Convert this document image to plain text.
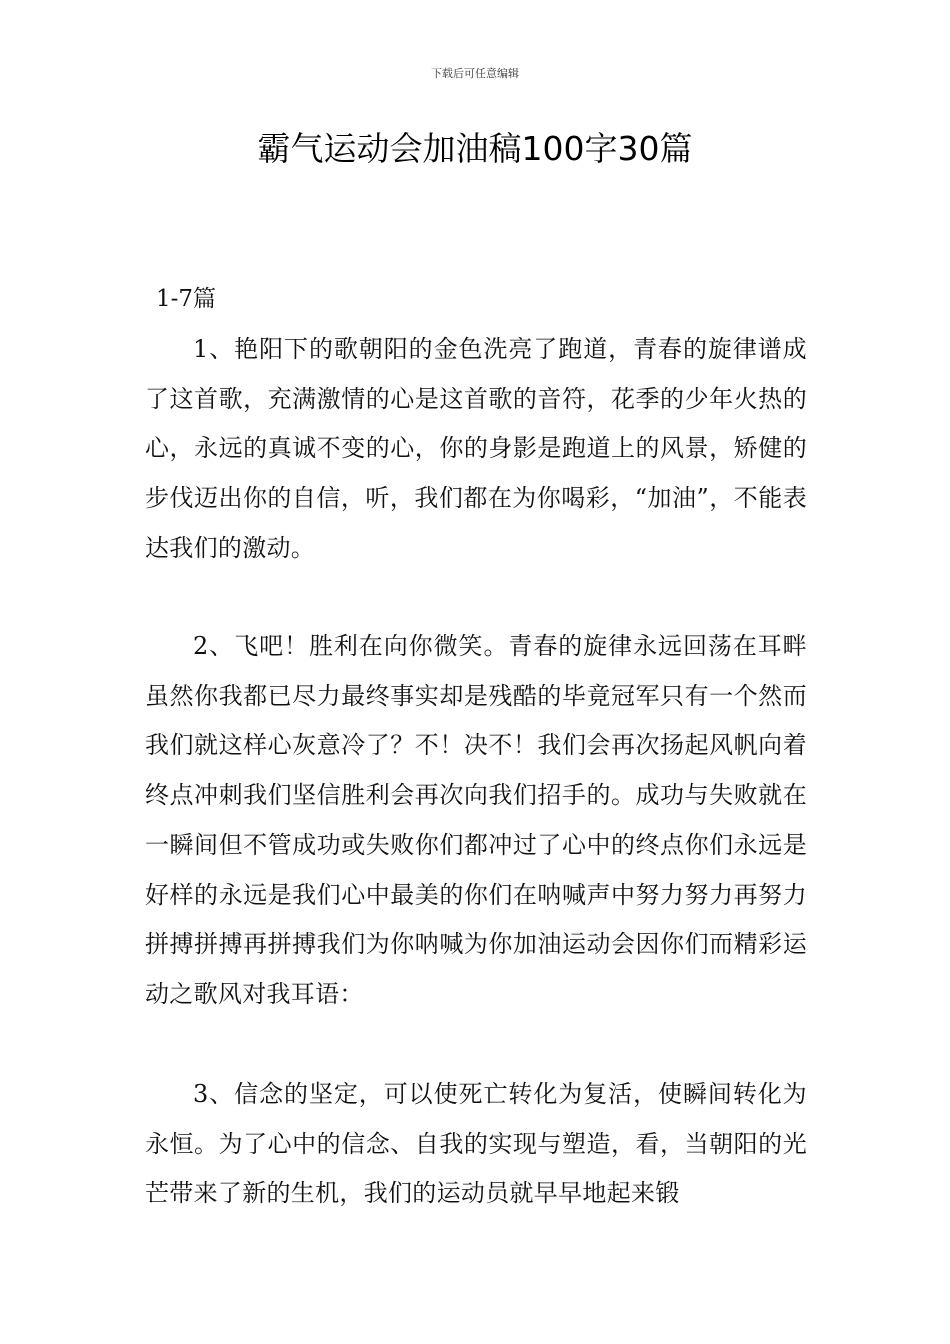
下载后可任意编辑
霸气运动会加油稿100字30篇
1-7篇

1、艳阳下的歌朝阳的金色洗亮了跑道，青春的旋律谱成了这首歌，充满激情的心是这首歌的音符，花季的少年火热的心，永远的真诚不变的心，你的身影是跑道上的风景，矫健的步伐迈出你的自信，听，我们都在为你喝彩，“加油”，不能表达我们的激动。

2、飞吧！胜利在向你微笑。青春的旋律永远回荡在耳畔虽然你我都已尽力最终事实却是残酷的毕竟冠军只有一个然而我们就这样心灰意冷了？不！决不！我们会再次扬起风帆向着终点冲刺我们坚信胜利会再次向我们招手的。成功与失败就在一瞬间但不管成功或失败你们都冲过了心中的终点你们永远是好样的永远是我们心中最美的你们在呐喊声中努力努力再努力拼搏拼搏再拼搏我们为你呐喊为你加油运动会因你们而精彩运动之歌风对我耳语：

3、信念的坚定，可以使死亡转化为复活，使瞬间转化为永恒。为了心中的信念、自我的实现与塑造，看，当朝阳的光芒带来了新的生机，我们的运动员就早早地起来锻
